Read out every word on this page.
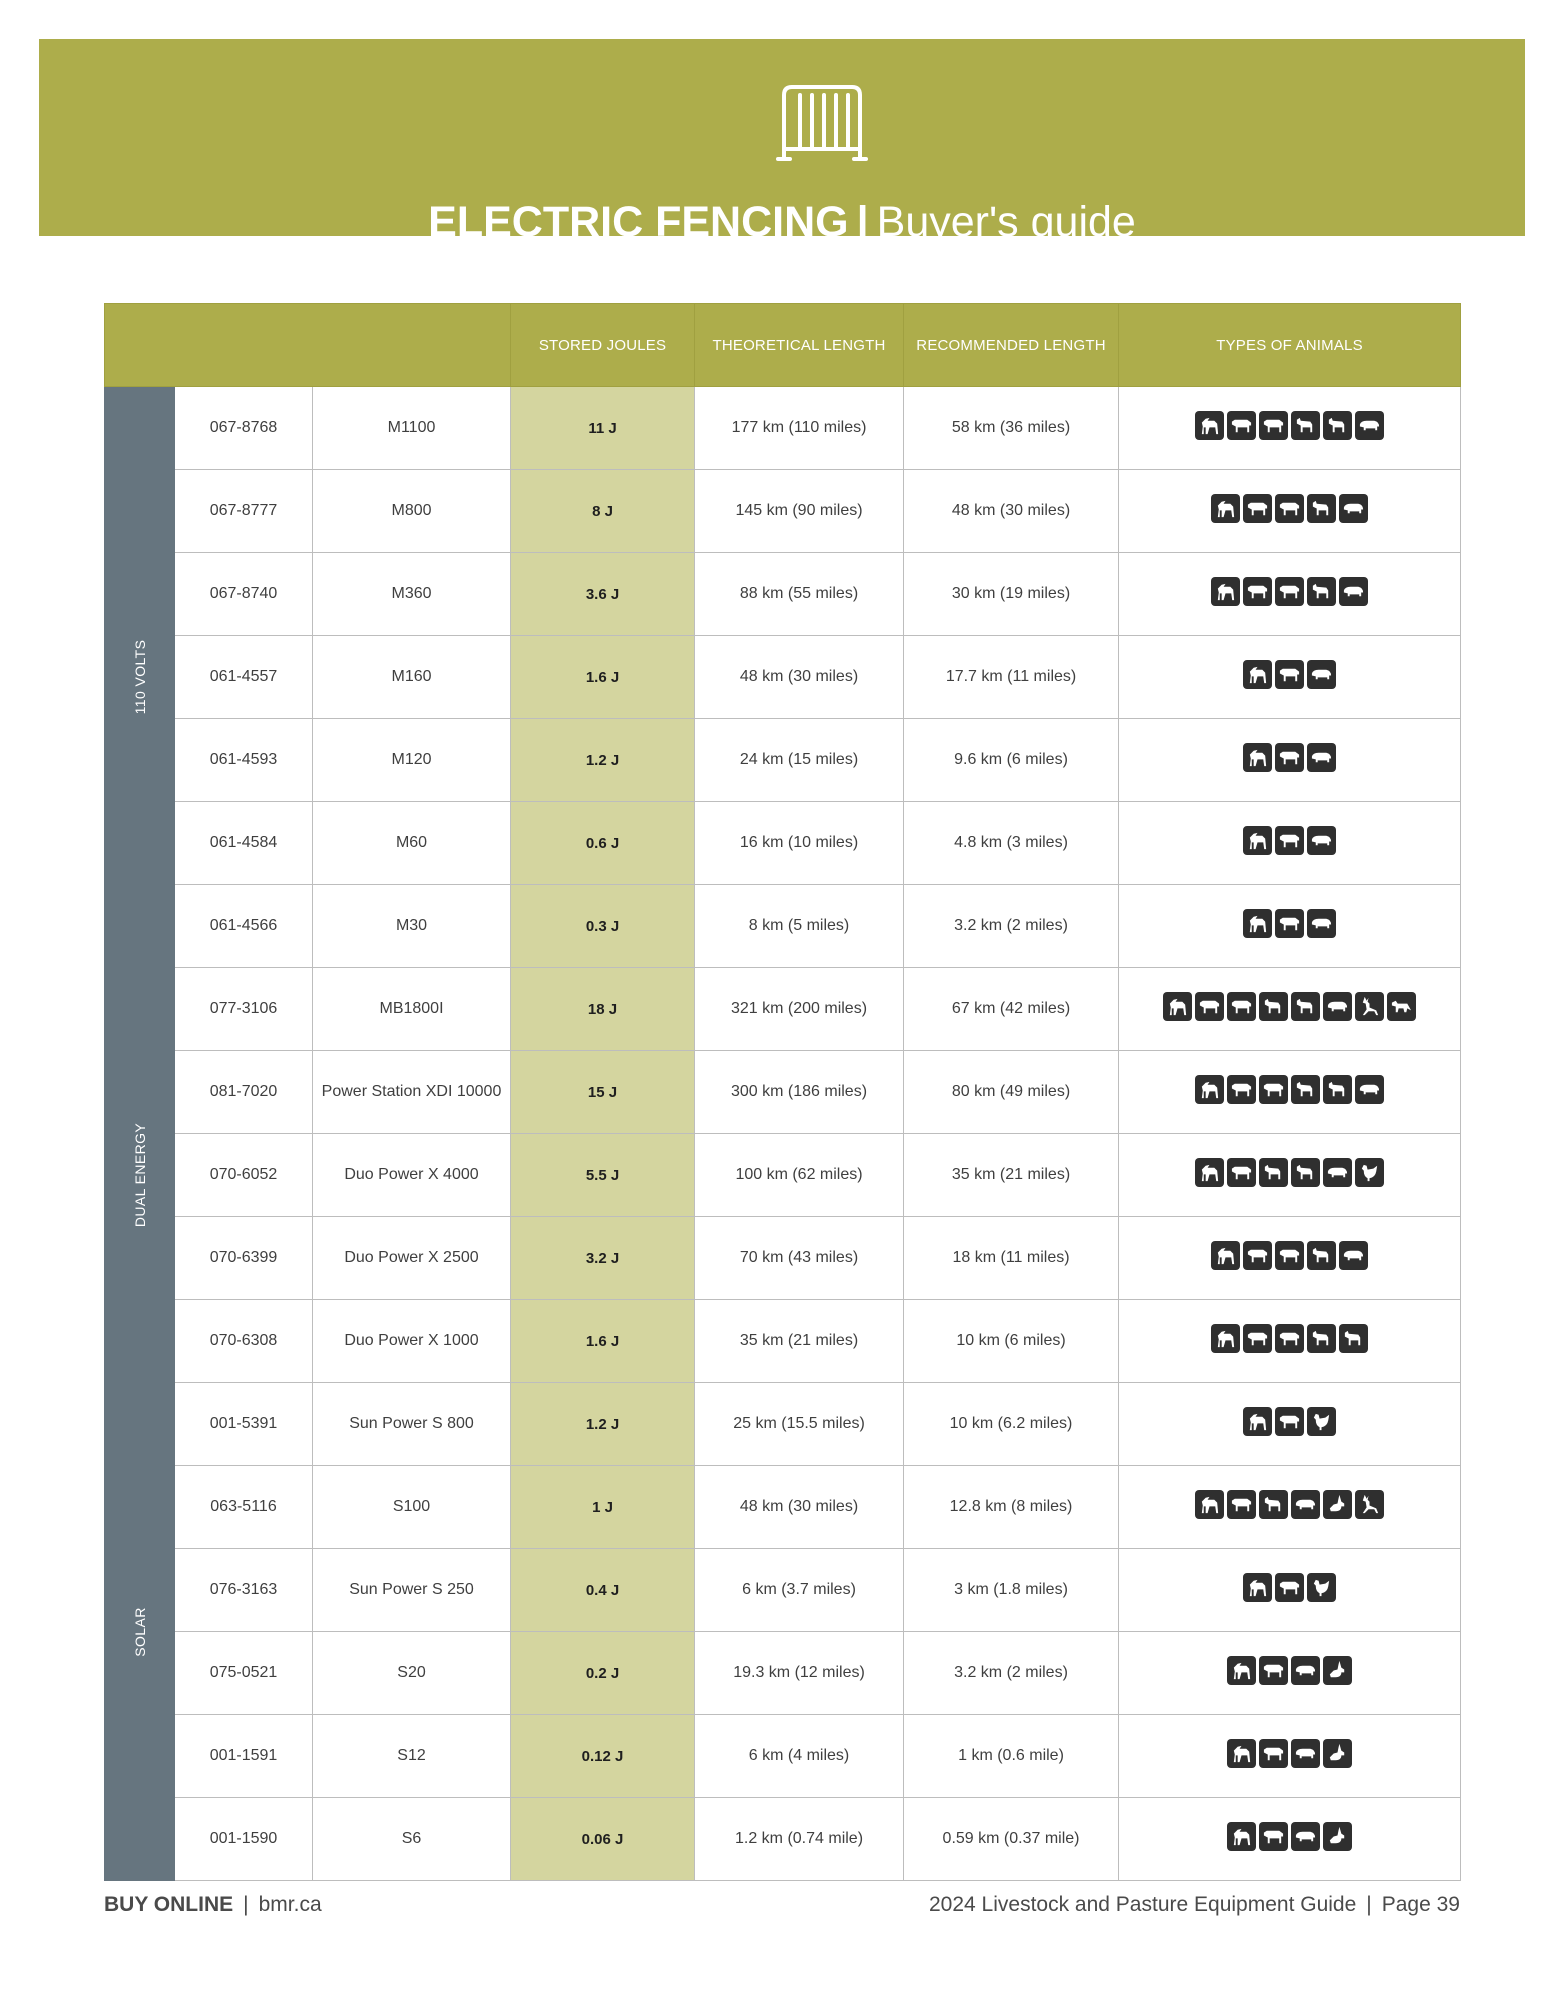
ELECTRIC FENCING | Buyer's guide
			STORED JOULES	THEORETICAL LENGTH	RECOMMENDED LENGTH	TYPES OF ANIMALS

110 VOLTS	067-8768	M1100	11 J	177 km (110 miles)	58 km (36 miles)	

	067-8777	M800	8 J	145 km (90 miles)	48 km (30 miles)	

	067-8740	M360	3.6 J	88 km (55 miles)	30 km (19 miles)	

	061-4557	M160	1.6 J	48 km (30 miles)	17.7 km (11 miles)	

	061-4593	M120	1.2 J	24 km (15 miles)	9.6 km (6 miles)	

	061-4584	M60	0.6 J	16 km (10 miles)	4.8 km (3 miles)	

	061-4566	M30	0.3 J	8 km (5 miles)	3.2 km (2 miles)	

DUAL ENERGY	077-3106	MB1800I	18 J	321 km (200 miles)	67 km (42 miles)	

	081-7020	Power Station XDI 10000	15 J	300 km (186 miles)	80 km (49 miles)	

	070-6052	Duo Power X 4000	5.5 J	100 km (62 miles)	35 km (21 miles)	

	070-6399	Duo Power X 2500	3.2 J	70 km (43 miles)	18 km (11 miles)	

	070-6308	Duo Power X 1000	1.6 J	35 km (21 miles)	10 km (6 miles)	

SOLAR	001-5391	Sun Power S 800	1.2 J	25 km (15.5 miles)	10 km (6.2 miles)	

	063-5116	S100	1 J	48 km (30 miles)	12.8 km (8 miles)	

	076-3163	Sun Power S 250	0.4 J	6 km (3.7 miles)	3 km (1.8 miles)	

	075-0521	S20	0.2 J	19.3 km (12 miles)	3.2 km (2 miles)	

	001-1591	S12	0.12 J	6 km (4 miles)	1 km (0.6 mile)	

	001-1590	S6	0.06 J	1.2 km (0.74 mile)	0.59 km (0.37 mile)	
BUY ONLINE | bmr.ca	2024 Livestock and Pasture Equipment Guide | Page 39
